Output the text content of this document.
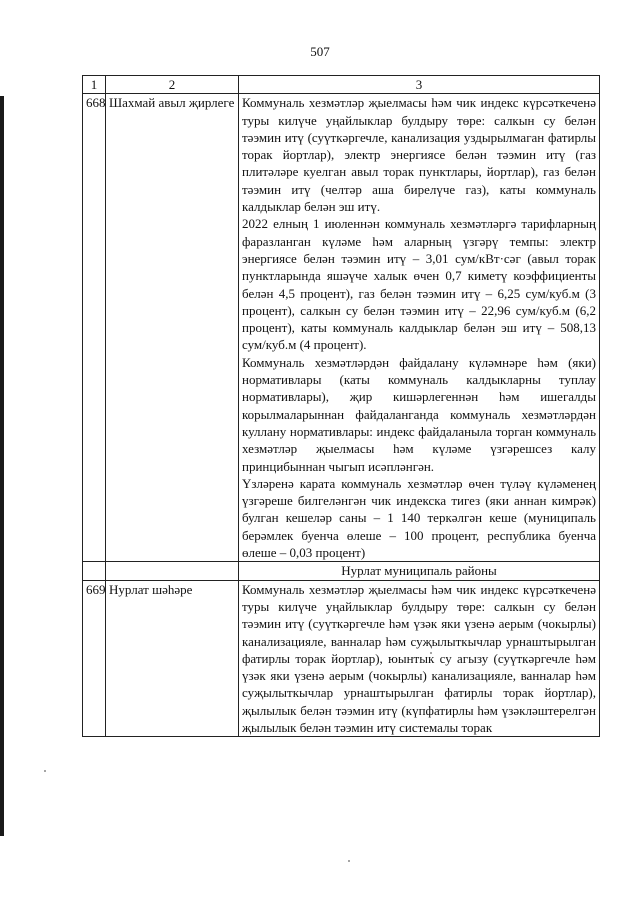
507
1	2	3
668	Шахмай авыл җирлеге	Коммуналь хезмәтләр җыелмасы һәм чик индекс күрсәткеченә туры килүче уңайлыклар булдыру төре: салкын су белән тәэмин итү (суүткәргечле, канализация уздырылмаган фатирлы торак йортлар), электр энергиясе белән тәэмин итү (газ плитәләре куелган авыл торак пунктлары, йортлар), газ белән тәэмин итү (челтәр аша бирелүче газ), каты коммуналь калдыклар белән эш итү.
2022 елның 1 июленнән коммуналь хезмәтләргә тарифларның фаразланган күләме һәм аларның үзгәрү темпы: электр энергиясе белән тәэмин итү – 3,01 сум/кВт·сәг (авыл торак пунктларында яшәүче халык өчен 0,7 киметү коэффициенты белән 4,5 процент), газ белән тәэмин итү – 6,25 сум/куб.м (3 процент), салкын су белән тәэмин итү – 22,96 сум/куб.м (6,2 процент), каты коммуналь калдыклар белән эш итү – 508,13 сум/куб.м (4 процент).
Коммуналь хезмәтләрдән файдалану күләмнәре һәм (яки) нормативлары (каты коммуналь калдыкларны туплау нормативлары), җир кишәрлегеннән һәм ишегалды корылмаларыннан файдаланганда коммуналь хезмәтләрдән куллану нормативлары: индекс файдаланыла торган коммуналь хезмәтләр җыелмасы һәм күләме үзгәрешсез калу принцибыннан чыгып исәпләнгән.
Үзләренә карата коммуналь хезмәтләр өчен түләү күләменең үзгәреше билгеләнгән чик индекска тигез (яки аннан кимрәк) булган кешеләр саны – 1 140 теркәлгән кеше (муниципаль берәмлек буенча өлеше – 100 процент, республика буенча өлеше – 0,03 процент)

		Нурлат муниципаль районы
669	Нурлат шәһәре	Коммуналь хезмәтләр җыелмасы һәм чик индекс күрсәткеченә туры килүче уңайлыклар булдыру төре: салкын су белән тәэмин итү (суүткәргечле һәм үзәк яки үзенә аерым (чокырлы) канализацияле, ванналар һәм суҗылыткычлар урнаштырылган фатирлы торак йортлар), юынтык су агызу (суүткәргечле һәм үзәк яки үзенә аерым (чокырлы) канализацияле, ванналар һәм суҗылыткычлар урнаштырылган фатирлы торак йортлар), җылылык белән тәэмин итү (күпфатирлы һәм үзәкләштерелгән җылылык белән тәэмин итү системалы торак
